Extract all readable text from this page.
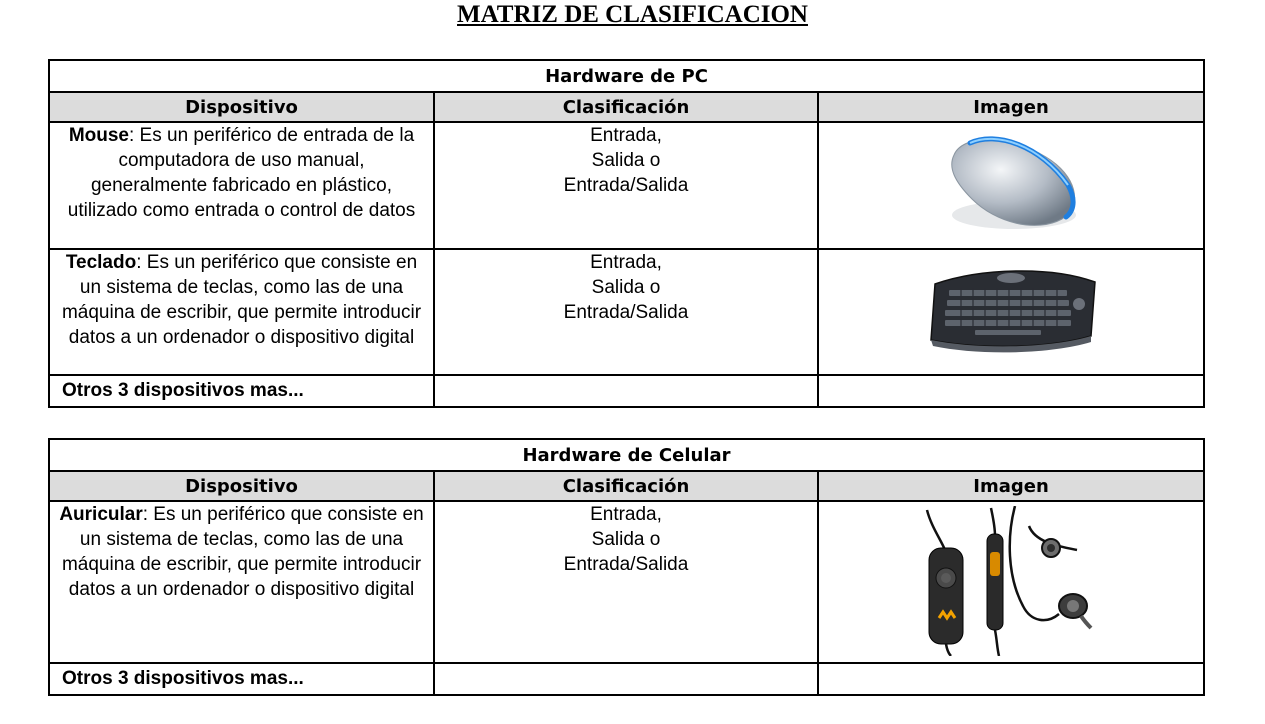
MATRIZ DE CLASIFICACION
Hardware de PC		
Dispositivo	Clasificación	Imagen
Mouse: Es un periférico de entrada de la computadora de uso manual, generalmente fabricado en plástico, utilizado como entrada o control de datos	Entrada,
Salida o
Entrada/Salida

Teclado: Es un periférico que consiste en un sistema de teclas, como las de una máquina de escribir, que permite introducir datos a un ordenador o dispositivo digital	Entrada,
Salida o
Entrada/Salida

Otros 3 dispositivos mas...		
Hardware de Celular		
Dispositivo	Clasificación	Imagen
Auricular: Es un periférico que consiste en un sistema de teclas, como las de una máquina de escribir, que permite introducir datos a un ordenador o dispositivo digital	Entrada,
Salida o
Entrada/Salida

Otros 3 dispositivos mas...		
